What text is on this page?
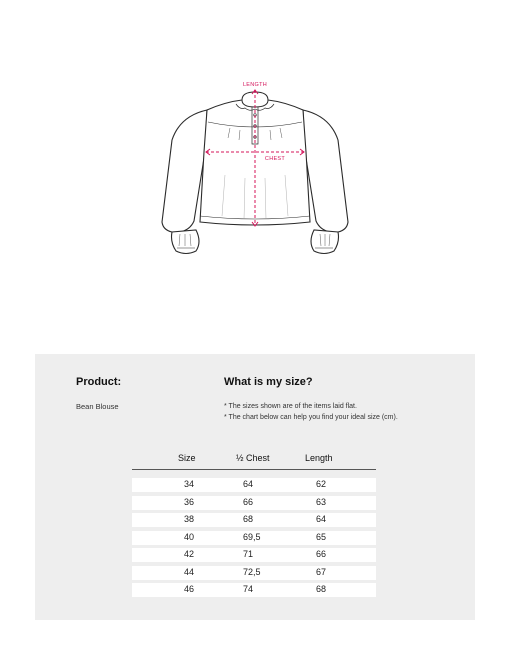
LENGTH
CHEST
Product:
Bean Blouse
What is my size?
* The sizes shown are of the items laid flat.
* The chart below can help you find your ideal size (cm).
Size	½ Chest	Length
34	64	62
36	66	63
38	68	64
40	69,5	65
42	71	66
44	72,5	67
46	74	68
